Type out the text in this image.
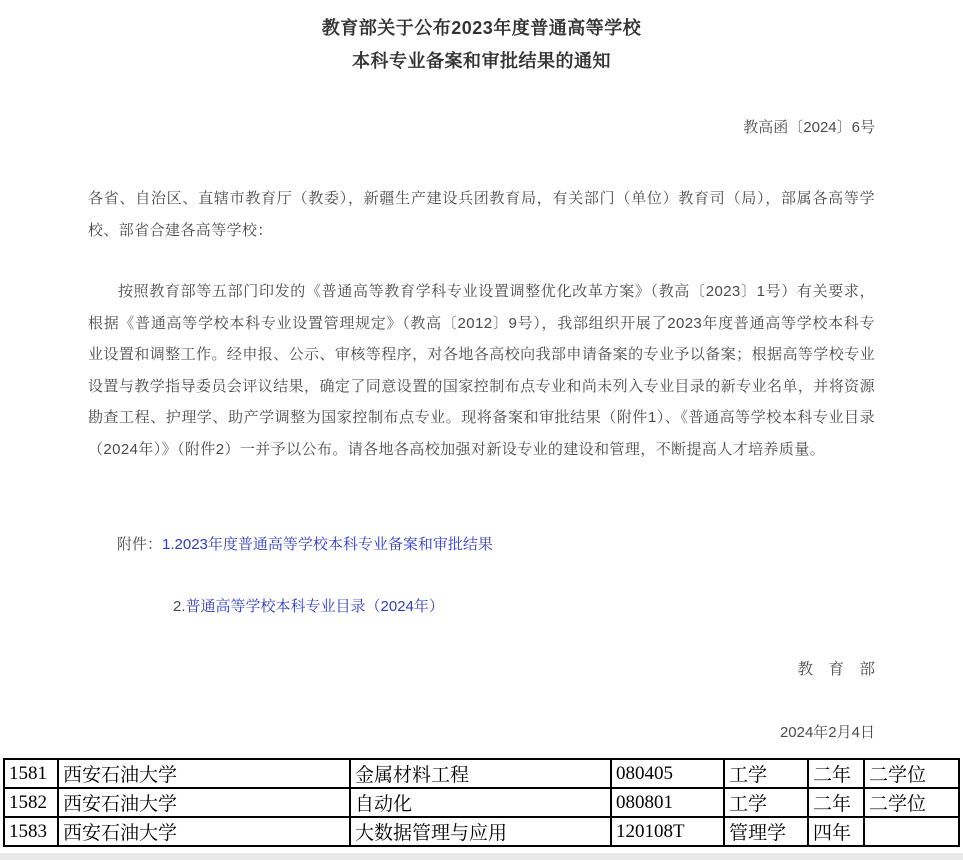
教育部关于公布2023年度普通高等学校
本科专业备案和审批结果的通知
教高函〔2024〕6号
各省、自治区、直辖市教育厅（教委），新疆生产建设兵团教育局，有关部门（单位）教育司（局），部属各高等学校、部省合建各高等学校：
按照教育部等五部门印发的《普通高等教育学科专业设置调整优化改革方案》（教高〔2023〕1号）有关要求，根据《普通高等学校本科专业设置管理规定》（教高〔2012〕9号），我部组织开展了2023年度普通高等学校本科专业设置和调整工作。经申报、公示、审核等程序，对各地各高校向我部申请备案的专业予以备案；根据高等学校专业设置与教学指导委员会评议结果，确定了同意设置的国家控制布点专业和尚未列入专业目录的新专业名单，并将资源勘查工程、护理学、助产学调整为国家控制布点专业。现将备案和审批结果（附件1）、《普通高等学校本科专业目录（2024年）》（附件2）一并予以公布。请各地各高校加强对新设专业的建设和管理，不断提高人才培养质量。
附件：1.2023年度普通高等学校本科专业备案和审批结果
2.普通高等学校本科专业目录（2024年）
教　育　部
2024年2月4日
1581	西安石油大学	金属材料工程	080405	工学	二年	二学位
1582	西安石油大学	自动化	080801	工学	二年	二学位
1583	西安石油大学	大数据管理与应用	120108T	管理学	四年	
